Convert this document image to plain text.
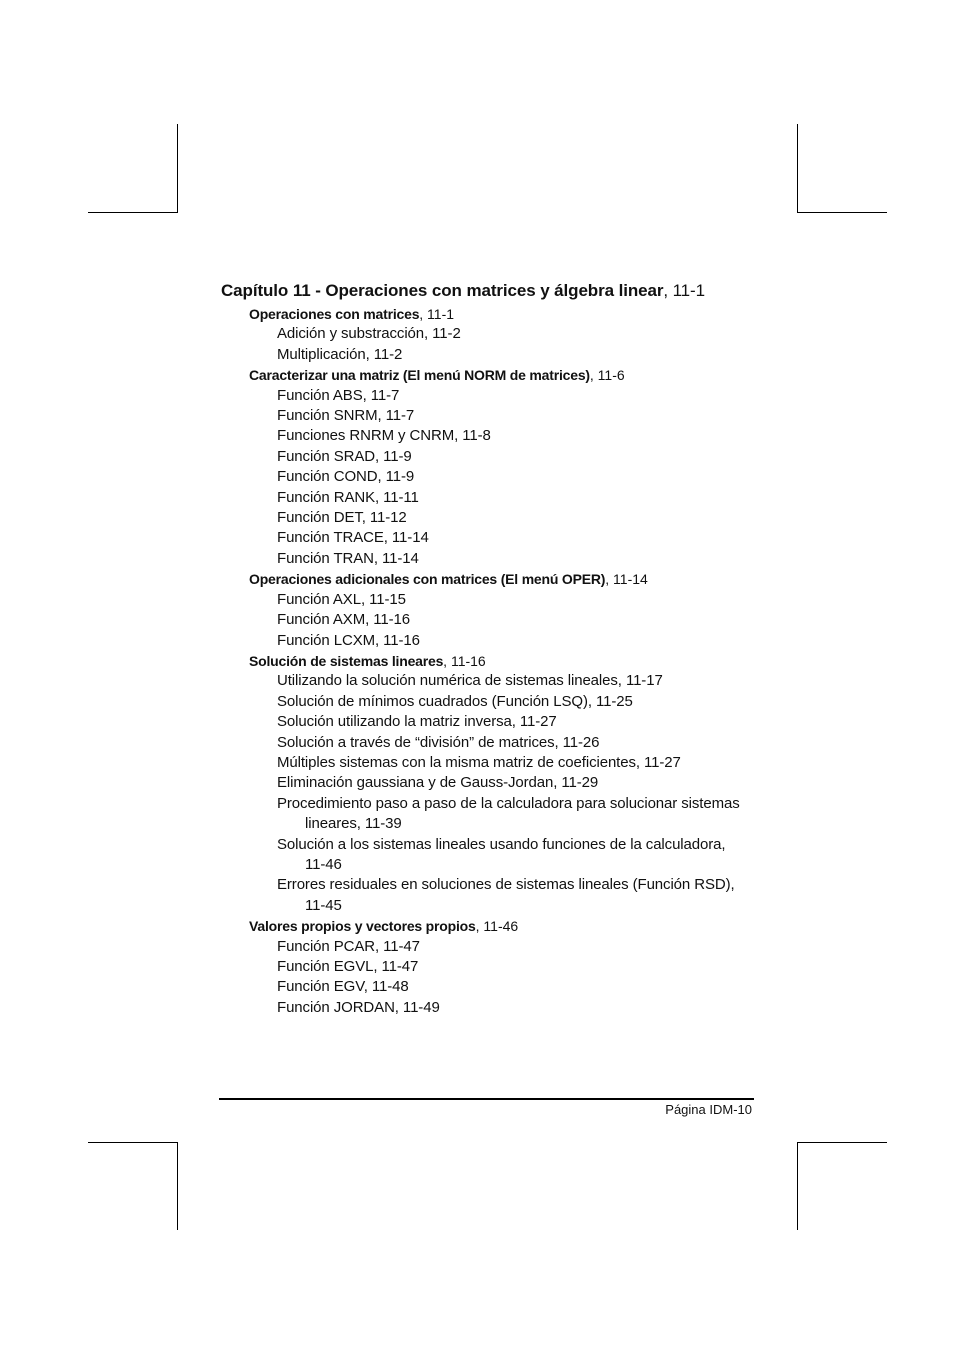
Capítulo 11 - Operaciones con matrices y álgebra linear, 11-1
Operaciones con matrices, 11-1
Adición y substracción, 11-2
Multiplicación, 11-2
Caracterizar una matriz (El menú NORM de matrices), 11-6
Función ABS, 11-7
Función SNRM, 11-7
Funciones RNRM y CNRM, 11-8
Función SRAD, 11-9
Función COND, 11-9
Función RANK, 11-11
Función DET, 11-12
Función TRACE, 11-14
Función TRAN, 11-14
Operaciones adicionales con matrices (El menú OPER), 11-14
Función AXL, 11-15
Función AXM, 11-16
Función LCXM, 11-16
Solución de sistemas lineares, 11-16
Utilizando la solución numérica de sistemas lineales, 11-17
Solución de mínimos cuadrados (Función LSQ), 11-25
Solución utilizando la matriz inversa, 11-27
Solución a través de “división” de matrices, 11-26
Múltiples sistemas con la misma matriz de coeficientes, 11-27
Eliminación gaussiana y de Gauss-Jordan, 11-29
Procedimiento paso a paso de la calculadora para solucionar sistemas lineares, 11-39
Solución a los sistemas lineales usando funciones de la calculadora, 11-46
Errores residuales en soluciones de sistemas lineales (Función RSD), 11-45
Valores propios y vectores propios, 11-46
Función PCAR, 11-47
Función EGVL, 11-47
Función EGV, 11-48
Función JORDAN, 11-49
Página IDM-10
